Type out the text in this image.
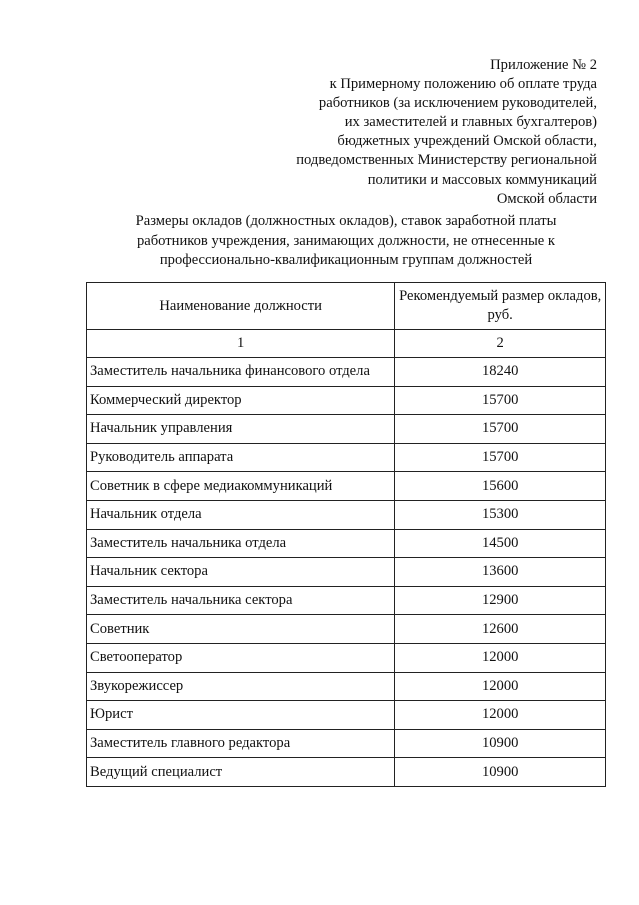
Приложение № 2
к Примерному положению об оплате труда
работников (за исключением руководителей,
их заместителей и главных бухгалтеров)
бюджетных учреждений Омской области,
подведомственных Министерству региональной
политики и массовых коммуникаций
Омской области
Размеры окладов (должностных окладов), ставок заработной платы
работников учреждения, занимающих должности, не отнесенные к
профессионально-квалификационным группам должностей
Наименование должности	Рекомендуемый размер окладов, руб.
1	2
Заместитель начальника финансового отдела	18240
Коммерческий директор	15700
Начальник управления	15700
Руководитель аппарата	15700
Советник в сфере медиакоммуникаций	15600
Начальник отдела	15300
Заместитель начальника отдела	14500
Начальник сектора	13600
Заместитель начальника сектора	12900
Советник	12600
Светооператор	12000
Звукорежиссер	12000
Юрист	12000
Заместитель главного редактора	10900
Ведущий специалист	10900
